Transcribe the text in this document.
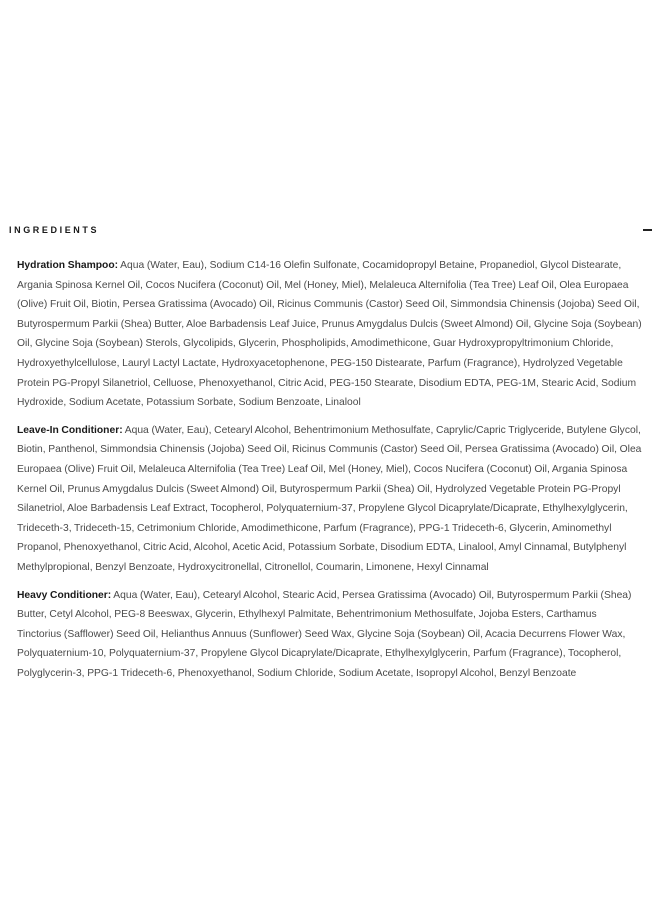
INGREDIENTS

Hydration Shampoo: Aqua (Water, Eau), Sodium C14-16 Olefin Sulfonate, Cocamidopropyl Betaine, Propanediol, Glycol Distearate, Argania Spinosa Kernel Oil, Cocos Nucifera (Coconut) Oil, Mel (Honey, Miel), Melaleuca Alternifolia (Tea Tree) Leaf Oil, Olea Europaea (Olive) Fruit Oil, Biotin, Persea Gratissima (Avocado) Oil, Ricinus Communis (Castor) Seed Oil, Simmondsia Chinensis (Jojoba) Seed Oil, Butyrospermum Parkii (Shea) Butter, Aloe Barbadensis Leaf Juice, Prunus Amygdalus Dulcis (Sweet Almond) Oil, Glycine Soja (Soybean) Oil, Glycine Soja (Soybean) Sterols, Glycolipids, Glycerin, Phospholipids, Amodimethicone, Guar Hydroxypropyltrimonium Chloride, Hydroxyethylcellulose, Lauryl Lactyl Lactate, Hydroxyacetophenone, PEG-150 Distearate, Parfum (Fragrance), Hydrolyzed Vegetable Protein PG-Propyl Silanetriol, Celluose, Phenoxyethanol, Citric Acid, PEG-150 Stearate, Disodium EDTA, PEG-1M, Stearic Acid, Sodium Hydroxide, Sodium Acetate, Potassium Sorbate, Sodium Benzoate, Linalool

Leave-In Conditioner: Aqua (Water, Eau), Cetearyl Alcohol, Behentrimonium Methosulfate, Caprylic/Capric Triglyceride, Butylene Glycol, Biotin, Panthenol, Simmondsia Chinensis (Jojoba) Seed Oil, Ricinus Communis (Castor) Seed Oil, Persea Gratissima (Avocado) Oil, Olea Europaea (Olive) Fruit Oil, Melaleuca Alternifolia (Tea Tree) Leaf Oil, Mel (Honey, Miel), Cocos Nucifera (Coconut) Oil, Argania Spinosa Kernel Oil, Prunus Amygdalus Dulcis (Sweet Almond) Oil, Butyrospermum Parkii (Shea) Oil, Hydrolyzed Vegetable Protein PG-Propyl Silanetriol, Aloe Barbadensis Leaf Extract, Tocopherol, Polyquaternium-37, Propylene Glycol Dicaprylate/Dicaprate, Ethylhexylglycerin, Trideceth-3, Trideceth-15, Cetrimonium Chloride, Amodimethicone, Parfum (Fragrance), PPG-1 Trideceth-6, Glycerin, Aminomethyl Propanol, Phenoxyethanol, Citric Acid, Alcohol, Acetic Acid, Potassium Sorbate, Disodium EDTA, Linalool, Amyl Cinnamal, Butylphenyl Methylpropional, Benzyl Benzoate, Hydroxycitronellal, Citronellol, Coumarin, Limonene, Hexyl Cinnamal

Heavy Conditioner: Aqua (Water, Eau), Cetearyl Alcohol, Stearic Acid, Persea Gratissima (Avocado) Oil, Butyrospermum Parkii (Shea) Butter, Cetyl Alcohol, PEG-8 Beeswax, Glycerin, Ethylhexyl Palmitate, Behentrimonium Methosulfate, Jojoba Esters, Carthamus Tinctorius (Safflower) Seed Oil, Helianthus Annuus (Sunflower) Seed Wax, Glycine Soja (Soybean) Oil, Acacia Decurrens Flower Wax, Polyquaternium-10, Polyquaternium-37, Propylene Glycol Dicaprylate/Dicaprate, Ethylhexylglycerin, Parfum (Fragrance), Tocopherol, Polyglycerin-3, PPG-1 Trideceth-6, Phenoxyethanol, Sodium Chloride, Sodium Acetate, Isopropyl Alcohol, Benzyl Benzoate
